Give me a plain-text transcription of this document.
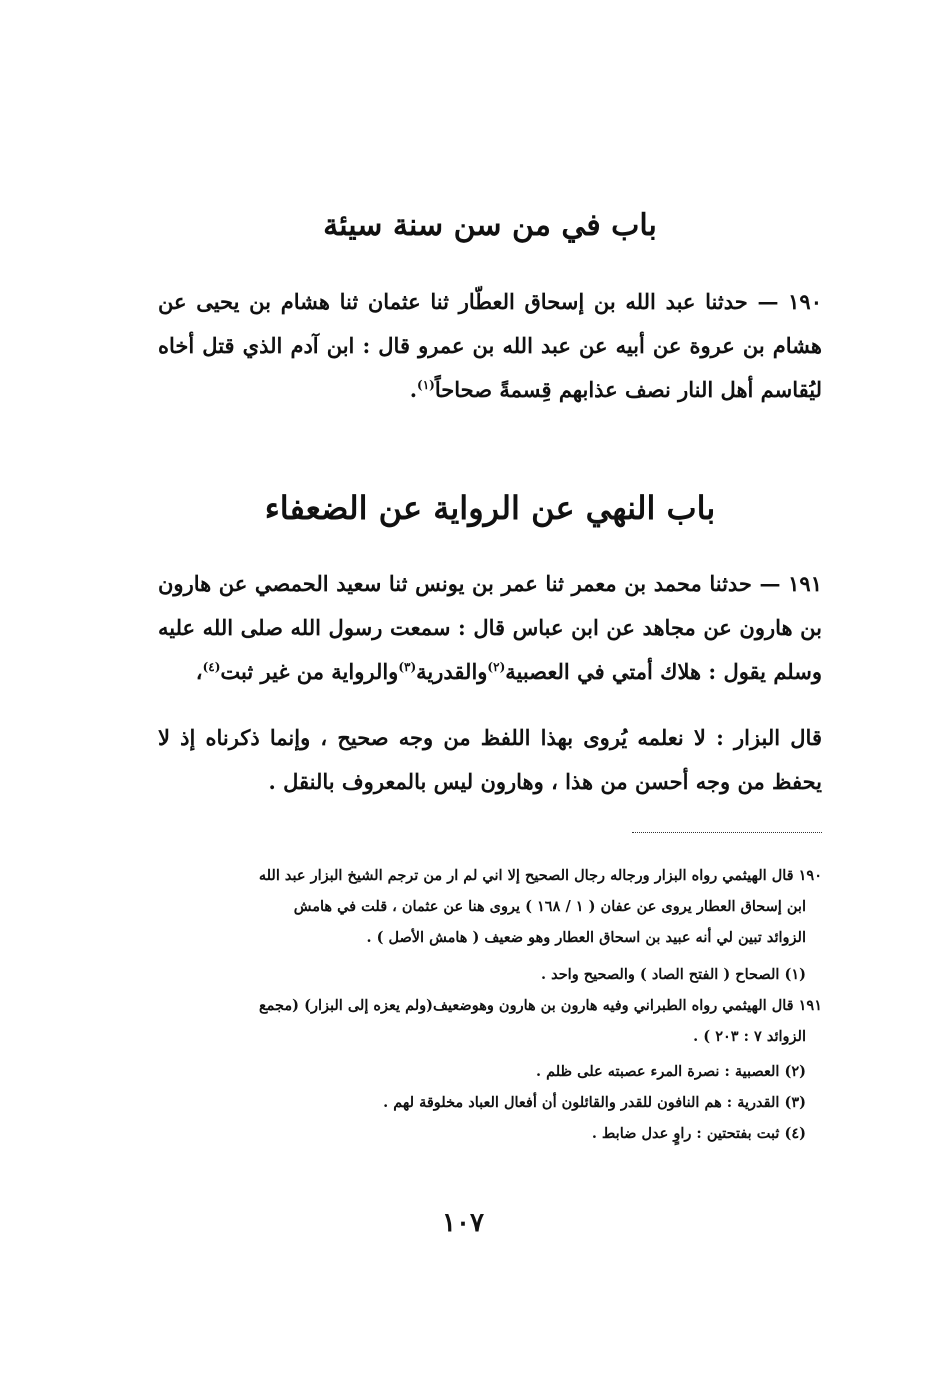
باب في من سن سنة سيئة
١٩٠ — حدثنا عبد الله بن إسحاق العطّار ثنا عثمان ثنا هشام بن يحيى عن هشام بن عروة عن أبيه عن عبد الله بن عمرو قال : ابن آدم الذي قتل أخاه ليُقاسم أهل النار نصف عذابهم قِسمةً صحاحاً$^{(١)}$.
باب النهي عن الرواية عن الضعفاء
١٩١ — حدثنا محمد بن معمر ثنا عمر بن يونس ثنا سعيد الحمصي عن هارون بن هارون عن مجاهد عن ابن عباس قال : سمعت رسول الله صلى الله عليه وسلم يقول : هلاك أمتي في العصبية$^{(٢)}$والقدرية$^{(٣)}$والرواية من غير ثبت$^{(٤)}$،
قال البزار : لا نعلمه يُروى بهذا اللفظ من وجه صحيح ، وإنما ذكرناه إذ لا يحفظ من وجه أحسن من هذا ، وهارون ليس بالمعروف بالنقل .
١٩٠ قال الهيثمي رواه البزار ورجاله رجال الصحيح إلا اني لم ار من ترجم الشيخ البزار عبد الله
ابن إسحاق العطار يروى عن عفان ( ١ / ١٦٨ ) يروى هنا عن عثمان ، قلت في هامش
الزوائد تبين لي أنه عبيد بن اسحاق العطار وهو ضعيف ( هامش الأصل ) .
(١) الصحاح ( الفتح الصاد ) والصحيح واحد .
١٩١ قال الهيثمي رواه الطبراني وفيه هارون بن هارون وهوضعيف(ولم يعزه إلى البزار) (مجمع
الزوائد ٧ : ٢٠٣ ) .
(٢) العصبية : نصرة المرء عصبته على ظلم .
(٣) القدرية : هم النافون للقدر والقائلون أن أفعال العباد مخلوقة لهم .
(٤) ثبت بفتحتين : راوٍ عدل ضابط .
١٠٧
